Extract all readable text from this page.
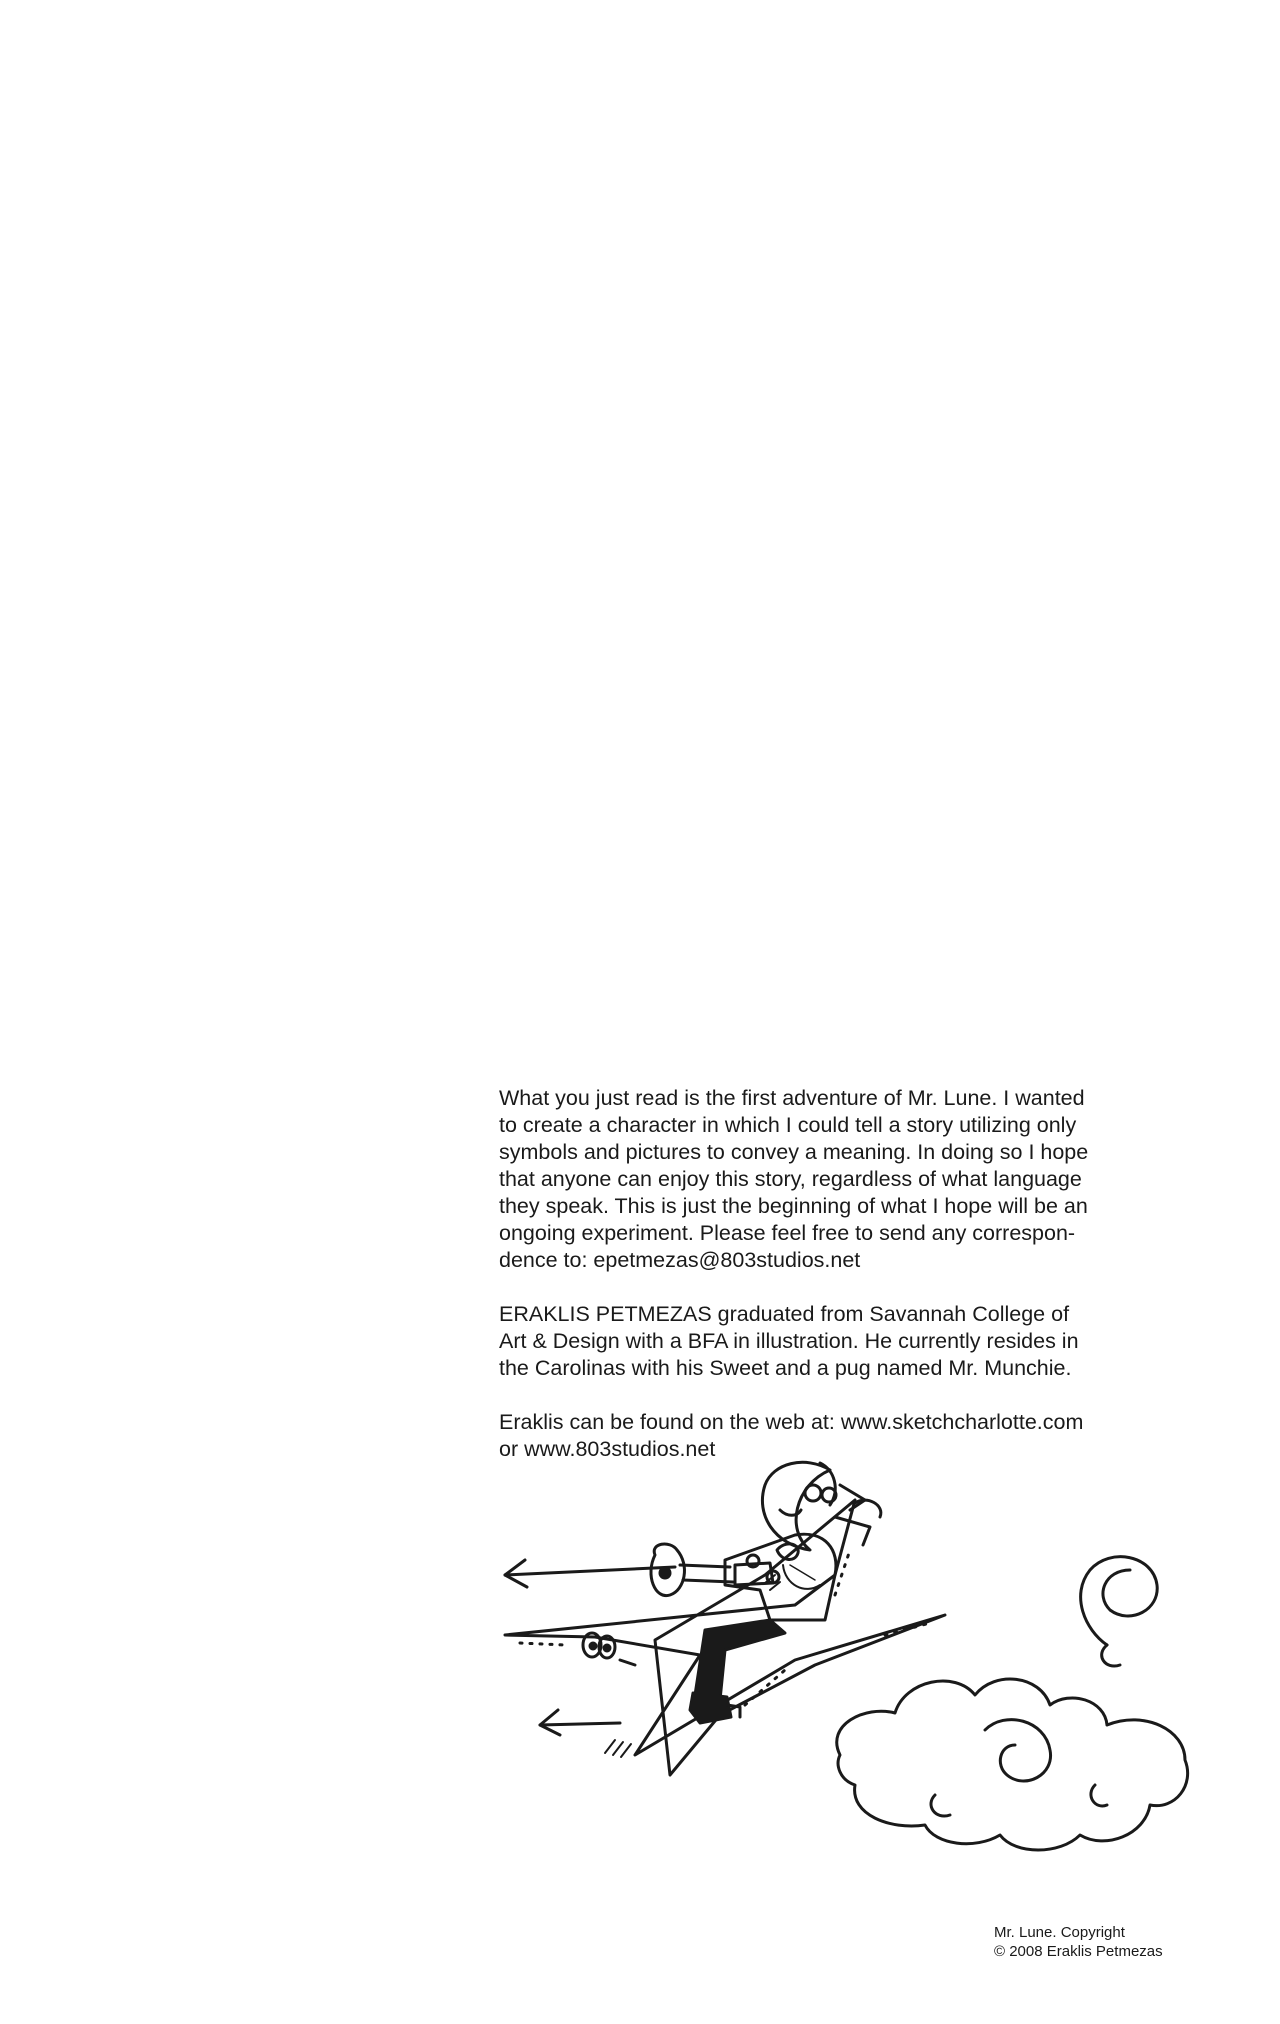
What you just read is the first adventure of Mr. Lune. I wanted
to create a character in which I could tell a story utilizing only
symbols and pictures to convey a meaning. In doing so I hope
that anyone can enjoy this story, regardless of what language
they speak. This is just the beginning of what I hope will be an
ongoing experiment. Please feel free to send any correspon-
dence to: epetmezas@803studios.net

ERAKLIS PETMEZAS graduated from Savannah College of
Art & Design with a BFA in illustration. He currently resides in
the Carolinas with his Sweet and a pug named Mr. Munchie.

Eraklis can be found on the web at: www.sketchcharlotte.com
or www.803studios.net

Mr. Lune. Copyright
© 2008 Eraklis Petmezas
